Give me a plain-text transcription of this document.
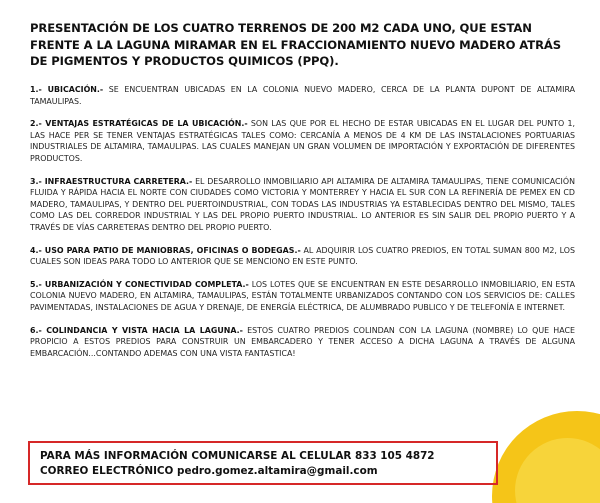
PRESENTACIÓN DE LOS CUATRO TERRENOS DE 200 M2 CADA UNO, QUE ESTAN FRENTE A LA LAGUNA MIRAMAR EN EL FRACCIONAMIENTO NUEVO MADERO ATRÁS DE PIGMENTOS Y PRODUCTOS QUIMICOS (PPQ).

1.- UBICACIÓN.- SE ENCUENTRAN UBICADAS EN LA COLONIA NUEVO MADERO, CERCA DE LA PLANTA DUPONT DE ALTAMIRA TAMAULIPAS.

2.- VENTAJAS ESTRATÉGICAS DE LA UBICACIÓN.- SON LAS QUE POR EL HECHO DE ESTAR UBICADAS EN EL LUGAR DEL PUNTO 1, LAS HACE PER SE TENER VENTAJAS ESTRATÉGICAS TALES COMO: CERCANÍA A MENOS DE 4 KM DE LAS INSTALACIONES PORTUARIAS INDUSTRIALES DE ALTAMIRA, TAMAULIPAS. LAS CUALES MANEJAN UN GRAN VOLUMEN DE IMPORTACIÓN Y EXPORTACIÓN DE DIFERENTES PRODUCTOS.

3.- INFRAESTRUCTURA CARRETERA.- EL DESARROLLO INMOBILIARIO API ALTAMIRA DE ALTAMIRA TAMAULIPAS, TIENE COMUNICACIÓN FLUIDA Y RÁPIDA HACIA EL NORTE CON CIUDADES COMO VICTORIA Y MONTERREY Y HACIA EL SUR CON LA REFINERÍA DE PEMEX EN CD MADERO, TAMAULIPAS, Y DENTRO DEL PUERTOINDUSTRIAL, CON TODAS LAS INDUSTRIAS YA ESTABLECIDAS DENTRO DEL MISMO, TALES COMO LAS DEL CORREDOR INDUSTRIAL Y LAS DEL PROPIO PUERTO INDUSTRIAL. LO ANTERIOR ES SIN SALIR DEL PROPIO PUERTO Y A TRAVÉS DE VÍAS CARRETERAS DENTRO DEL PROPIO PUERTO.

4.- USO PARA PATIO DE MANIOBRAS, OFICINAS O BODEGAS.- AL ADQUIRIR LOS CUATRO PREDIOS, EN TOTAL SUMAN 800 M2, LOS CUALES SON IDEAS PARA TODO LO ANTERIOR QUE SE MENCIONO EN ESTE PUNTO.

5.- URBANIZACIÓN Y CONECTIVIDAD COMPLETA.- LOS LOTES QUE SE ENCUENTRAN EN ESTE DESARROLLO INMOBILIARIO, EN ESTA COLONIA NUEVO MADERO, EN ALTAMIRA, TAMAULIPAS, ESTÁN TOTALMENTE URBANIZADOS CONTANDO CON LOS SERVICIOS DE: CALLES PAVIMENTADAS, INSTALACIONES DE AGUA Y DRENAJE, DE ENERGÍA ELÉCTRICA, DE ALUMBRADO PUBLICO Y DE TELEFONÍA E INTERNET.

6.- COLINDANCIA Y VISTA HACIA LA LAGUNA.- ESTOS CUATRO PREDIOS COLINDAN CON LA LAGUNA (NOMBRE) LO QUE HACE PROPICIO A ESTOS PREDIOS PARA CONSTRUIR UN EMBARCADERO Y TENER ACCESO A DICHA LAGUNA A TRAVÉS DE ALGUNA EMBARCACIÓN...CONTANDO ADEMAS CON UNA VISTA FANTASTICA!

PARA MÁS INFORMACIÓN COMUNICARSE AL CELULAR 833 105 4872
CORREO ELECTRÓNICO pedro.gomez.altamira@gmail.com
